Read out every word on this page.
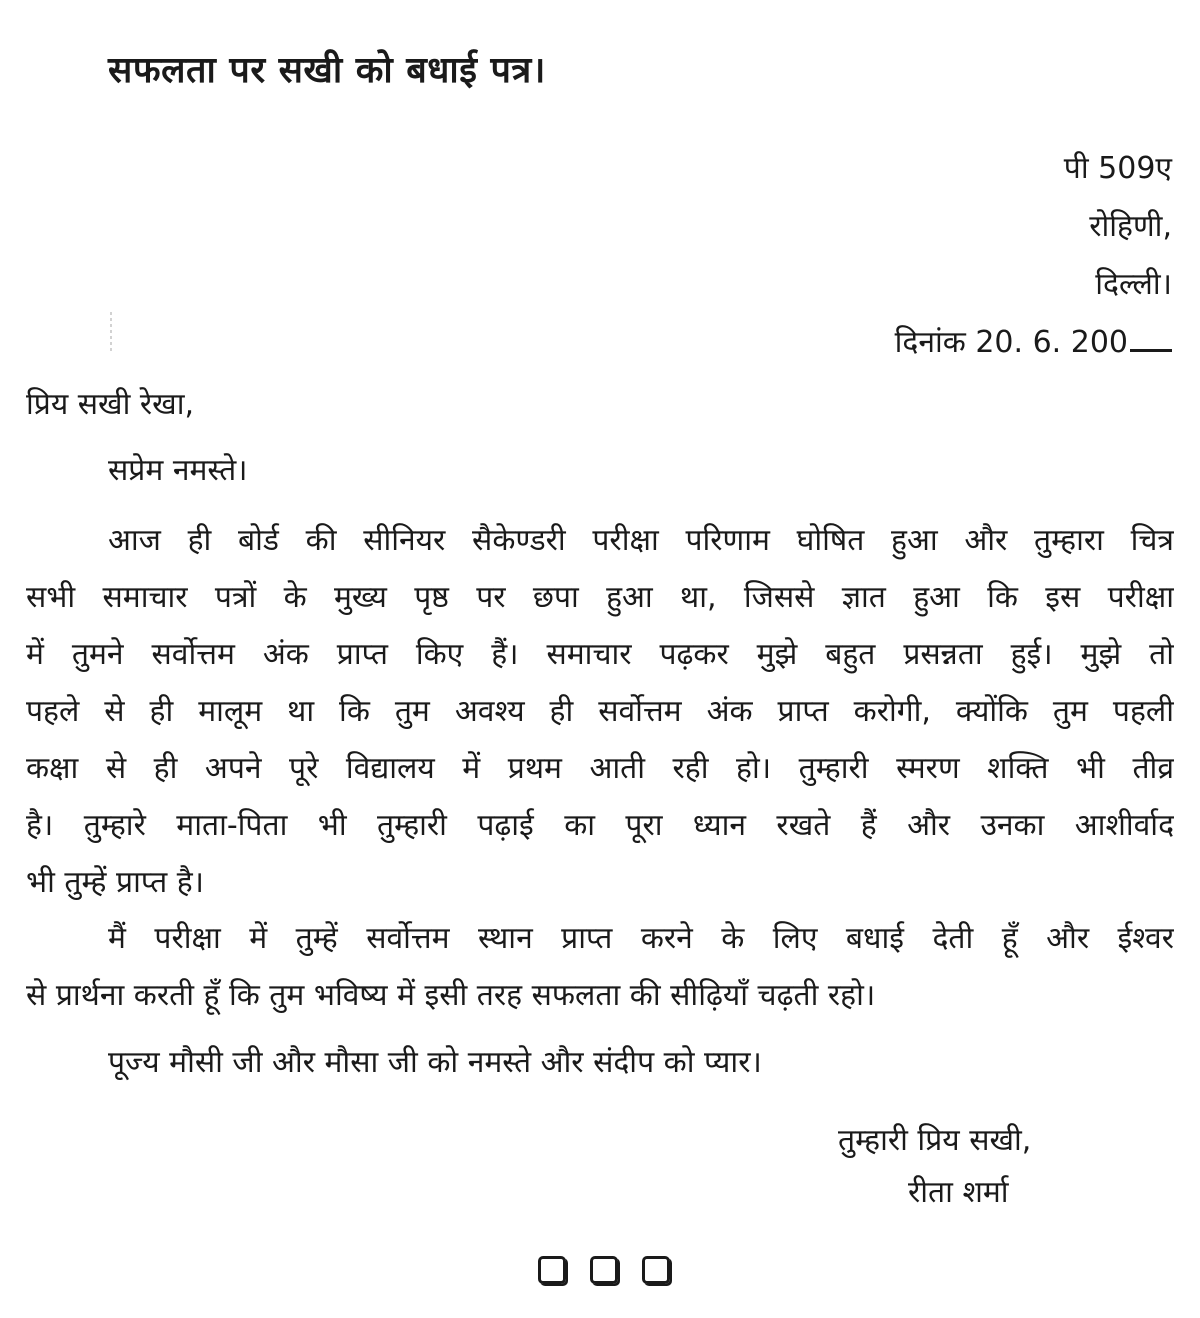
सफलता पर सखी को बधाई पत्र।
पी 509ए
रोहिणी,
दिल्ली।
दिनांक 20. 6. 200
प्रिय सखी रेखा,
सप्रेम नमस्ते।
आज ही बोर्ड की सीनियर सैकेण्डरी परीक्षा परिणाम घोषित हुआ और तुम्हारा चित्र
सभी समाचार पत्रों के मुख्य पृष्ठ पर छपा हुआ था, जिससे ज्ञात हुआ कि इस परीक्षा
में तुमने सर्वोत्तम अंक प्राप्त किए हैं। समाचार पढ़कर मुझे बहुत प्रसन्नता हुई। मुझे तो
पहले से ही मालूम था कि तुम अवश्य ही सर्वोत्तम अंक प्राप्त करोगी, क्योंकि तुम पहली
कक्षा से ही अपने पूरे विद्यालय में प्रथम आती रही हो। तुम्हारी स्मरण शक्ति भी तीव्र
है। तुम्हारे माता-पिता भी तुम्हारी पढ़ाई का पूरा ध्यान रखते हैं और उनका आशीर्वाद
भी तुम्हें प्राप्त है।
मैं परीक्षा में तुम्हें सर्वोत्तम स्थान प्राप्त करने के लिए बधाई देती हूँ और ईश्वर
से प्रार्थना करती हूँ कि तुम भविष्य में इसी तरह सफलता की सीढ़ियाँ चढ़ती रहो।
पूज्य मौसी जी और मौसा जी को नमस्ते और संदीप को प्यार।
तुम्हारी प्रिय सखी,
रीता शर्मा
